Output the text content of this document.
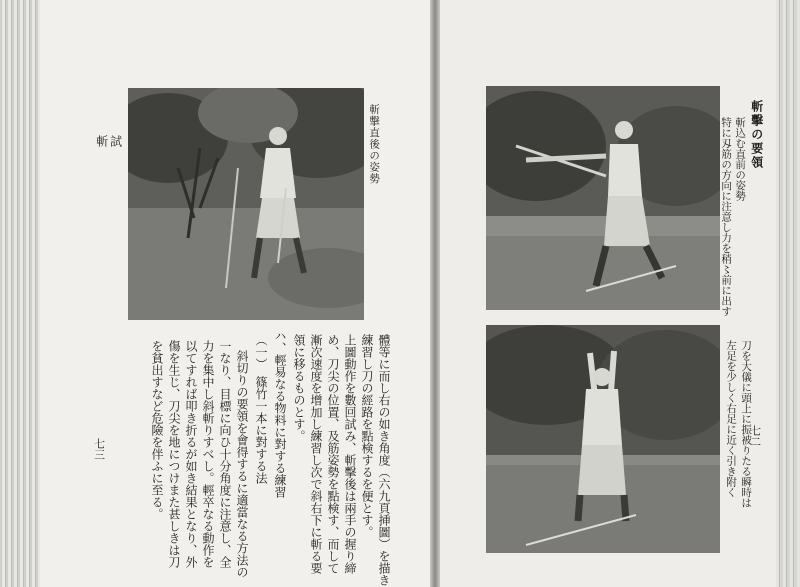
試
斬
七三
斬擊直後の姿勢
體等に而し右の如き角度（六九頁挿圖）を描き
練習し刀の經路を點検するを便とす。
上圖動作を數回試み、斬擊後は兩手の握り締
め、刀尖の位置、及筋姿勢を點検す、而して
漸次速度を增加し練習し次で斜右下に斬る要
領に移るものとす。
ハ、輕易なる物料に對する練習
（一）　篠竹一本に對する法
斜切りの要領を會得するに適當なる方法の
一なり、目標に向ひ十分角度に注意し、全
力を集中し斜斬りすべし。輕卒なる動作を
以てすれば叩き折るが如き結果となり、外
傷を生じ、刀尖を地につけまた甚しきは刀
を貧出すなど危險を伴ふに至る。
斬擊の要領
斬込む直前の姿勢
特に刄筋の方向に注意し力を稍〻前に出す
刀を大儀に頭上に振被りたる瞬時は
左足を少しく右足に近く引き附く 七二
